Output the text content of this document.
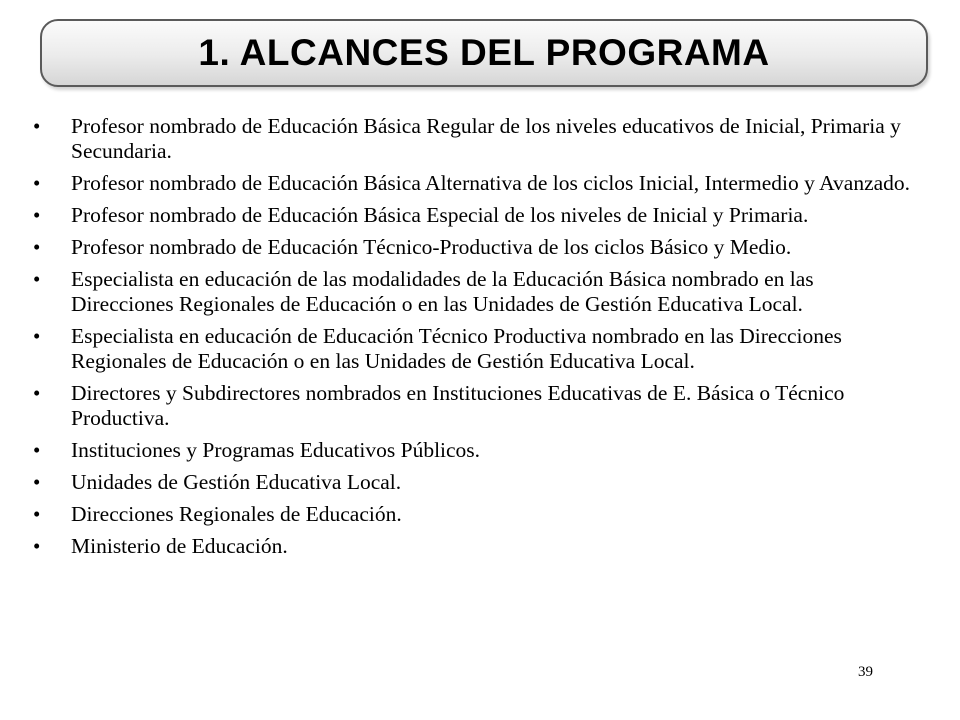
1. ALCANCES DEL PROGRAMA
• Profesor nombrado de Educación Básica Regular de los niveles educativos de Inicial, Primaria y Secundaria.
• Profesor nombrado de Educación Básica Alternativa de los ciclos Inicial, Intermedio y Avanzado.
• Profesor nombrado de Educación Básica Especial de los niveles de Inicial y Primaria.
• Profesor nombrado de Educación Técnico-Productiva de los ciclos Básico y Medio.
• Especialista en educación de las modalidades de la Educación Básica nombrado en las Direcciones Regionales de Educación o en las Unidades de Gestión Educativa Local.
• Especialista en educación de Educación Técnico Productiva nombrado en las Direcciones Regionales de Educación o en las Unidades de Gestión Educativa Local.
• Directores y Subdirectores nombrados en Instituciones Educativas de E. Básica o Técnico Productiva.
• Instituciones y Programas Educativos Públicos.
• Unidades de Gestión Educativa Local.
• Direcciones Regionales de Educación.
• Ministerio de Educación.
39
